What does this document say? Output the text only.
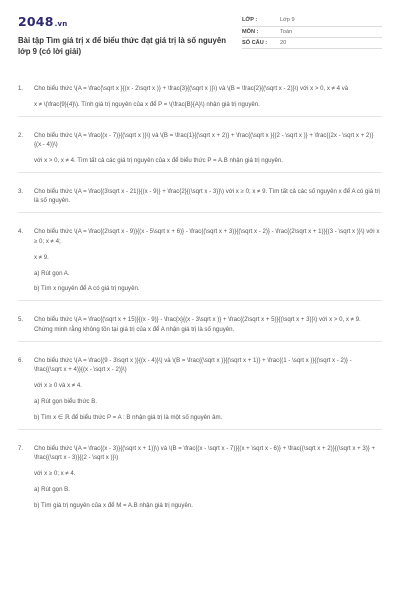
2048.vn
Bài tập Tìm giá trị x để biểu thức đạt giá trị là số nguyên lớp 9 (có lời giải)
LỚP :	Lớp 9
MÔN :	Toán
SỐ CÂU :	20
1.	Cho biểu thức \(A = \frac{\sqrt x }{(x - 2\sqrt x )} + \frac{3}{(\sqrt x )}\) và \(B = \frac{2}{(\sqrt x - 2)}\) với x > 0, x ≠ 4 và

x ≠ \(\frac{9}{4}\). Tính giá trị nguyên của x để P = \(\frac{B}{A}\) nhận giá trị nguyên.

2.	Cho biểu thức \(A = \frac{(x - 7)}{(\sqrt x )}\) và \(B = \frac{1}{(\sqrt x + 2)} + \frac{(\sqrt x }{(2 - \sqrt x )} + \frac{(2x - \sqrt x + 2)}{(x - 4)}\)

với x > 0, x ≠ 4. Tìm tất cả các giá trị nguyên của x để biểu thức P = A.B nhận giá trị nguyên.

3.	Cho biểu thức \(A = \frac{(3\sqrt x - 21)}{(x - 9)} + \frac{2}{(\sqrt x - 3)}\) với x ≥ 0; x ≠ 9. Tìm tất cả các số nguyên x để A có giá trị là số nguyên.

4.	Cho biểu thức \(A = \frac{(2\sqrt x - 9)}{(x - 5\sqrt x + 6)} - \frac{(\sqrt x + 3)}{(\sqrt x - 2)} - \frac{(2\sqrt x + 1)}{(3 - \sqrt x )}\) với x ≥ 0; x ≠ 4;

x ≠ 9.

a) Rút gọn A.

b) Tìm x nguyên để A có giá trị nguyên.

5.	Cho biểu thức \(A = \frac{(\sqrt x + 15)}{(x - 9)} - \frac{x}{(x - 3\sqrt x )} + \frac{(2\sqrt x + 5)}{(\sqrt x + 3)}\) với x > 0, x ≠ 9. Chứng minh rằng không tồn tại giá trị của x để A nhận giá trị là số nguyên.

6.	Cho biểu thức \(A = \frac{(9 - 3\sqrt x )}{(x - 4)}\) và \(B = \frac{(\sqrt x )}{(\sqrt x + 1)} + \frac{(1 - \sqrt x )}{(\sqrt x - 2)} - \frac{(\sqrt x + 4)}{(x - \sqrt x - 2)}\)

với x ≥ 0 và x ≠ 4.

a) Rút gọn biểu thức B.

b) Tìm x ∈ ℝ để biểu thức P = A : B nhận giá trị là một số nguyên âm.

7.	Cho biểu thức \(A = \frac{(x - 3)}{(\sqrt x + 1)}\) và \(B = \frac{(x - \sqrt x - 7)}{(x + \sqrt x - 6)} + \frac{(\sqrt x + 2)}{(\sqrt x + 3)} + \frac{(\sqrt x - 3)}{(2 - \sqrt x )}\)

với x ≥ 0; x ≠ 4.

a) Rút gọn B.

b) Tìm giá trị nguyên của x để M = A.B nhận giá trị nguyên.
